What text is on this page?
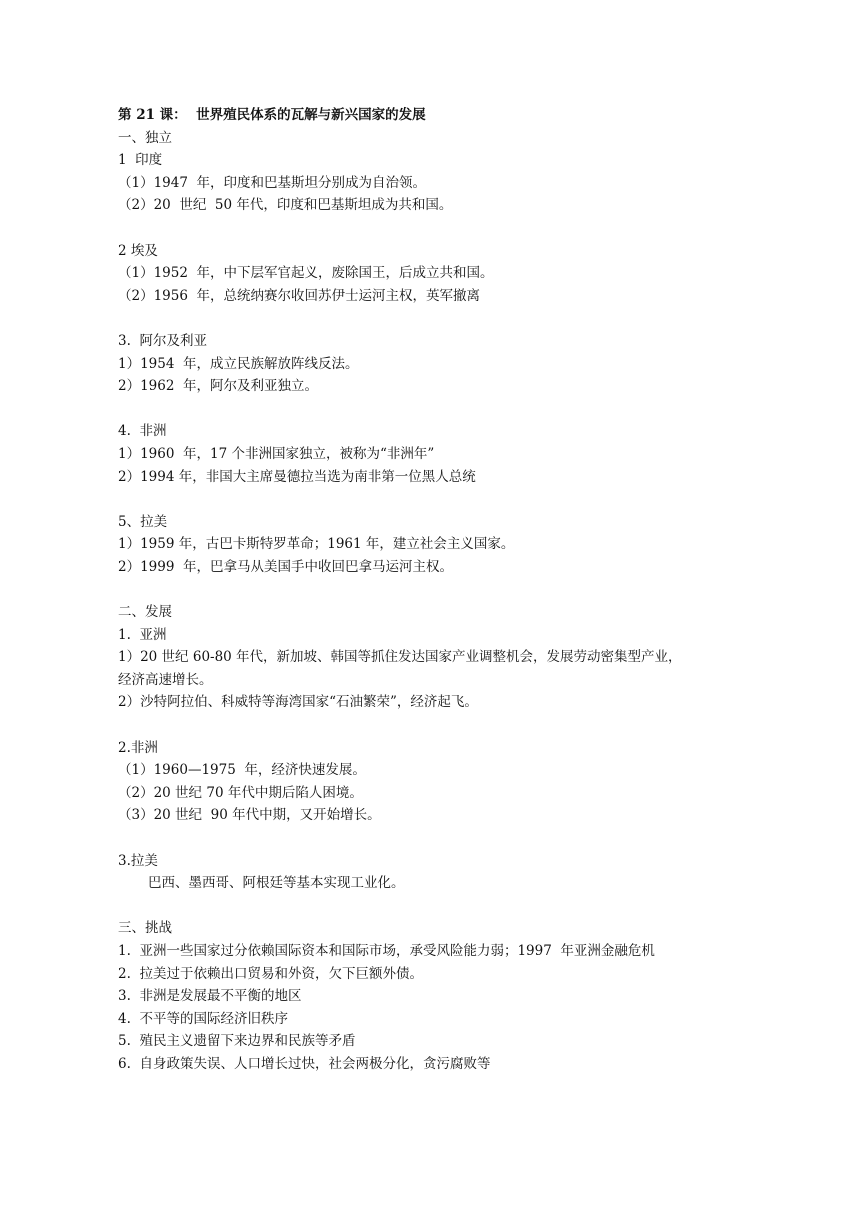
第 21 课：  世界殖民体系的瓦解与新兴国家的发展
一、独立
1  印度
（1）1947  年，印度和巴基斯坦分别成为自治领。
（2）20  世纪  50 年代，印度和巴基斯坦成为共和国。
2 埃及
（1）1952  年，中下层军官起义，废除国王，后成立共和国。
（2）1956  年，总统纳赛尔收回苏伊士运河主权，英军撤离
3.  阿尔及利亚
1）1954  年，成立民族解放阵线反法。
2）1962  年，阿尔及利亚独立。
4.  非洲
1）1960  年，17 个非洲国家独立，被称为“非洲年”
2）1994 年，非国大主席曼德拉当选为南非第一位黑人总统
5、拉美
1）1959 年，古巴卡斯特罗革命；1961 年，建立社会主义国家。
2）1999  年，巴拿马从美国手中收回巴拿马运河主权。
二、发展
1.  亚洲
1）20 世纪 60-80 年代，新加坡、韩国等抓住发达国家产业调整机会，发展劳动密集型产业，
经济高速增长。
2）沙特阿拉伯、科威特等海湾国家“石油繁荣”，经济起飞。
2.非洲
（1）1960—1975  年，经济快速发展。
（2）20 世纪 70 年代中期后陷人困境。
（3）20 世纪  90 年代中期，又开始增长。
3.拉美
巴西、墨西哥、阿根廷等基本实现工业化。
三、挑战
1.  亚洲一些国家过分依赖国际资本和国际市场，承受风险能力弱；1997  年亚洲金融危机
2.  拉美过于依赖出口贸易和外资，欠下巨额外债。
3.  非洲是发展最不平衡的地区
4.  不平等的国际经济旧秩序
5.  殖民主义遗留下来边界和民族等矛盾
6.  自身政策失误、人口增长过快，社会两极分化，贪污腐败等
